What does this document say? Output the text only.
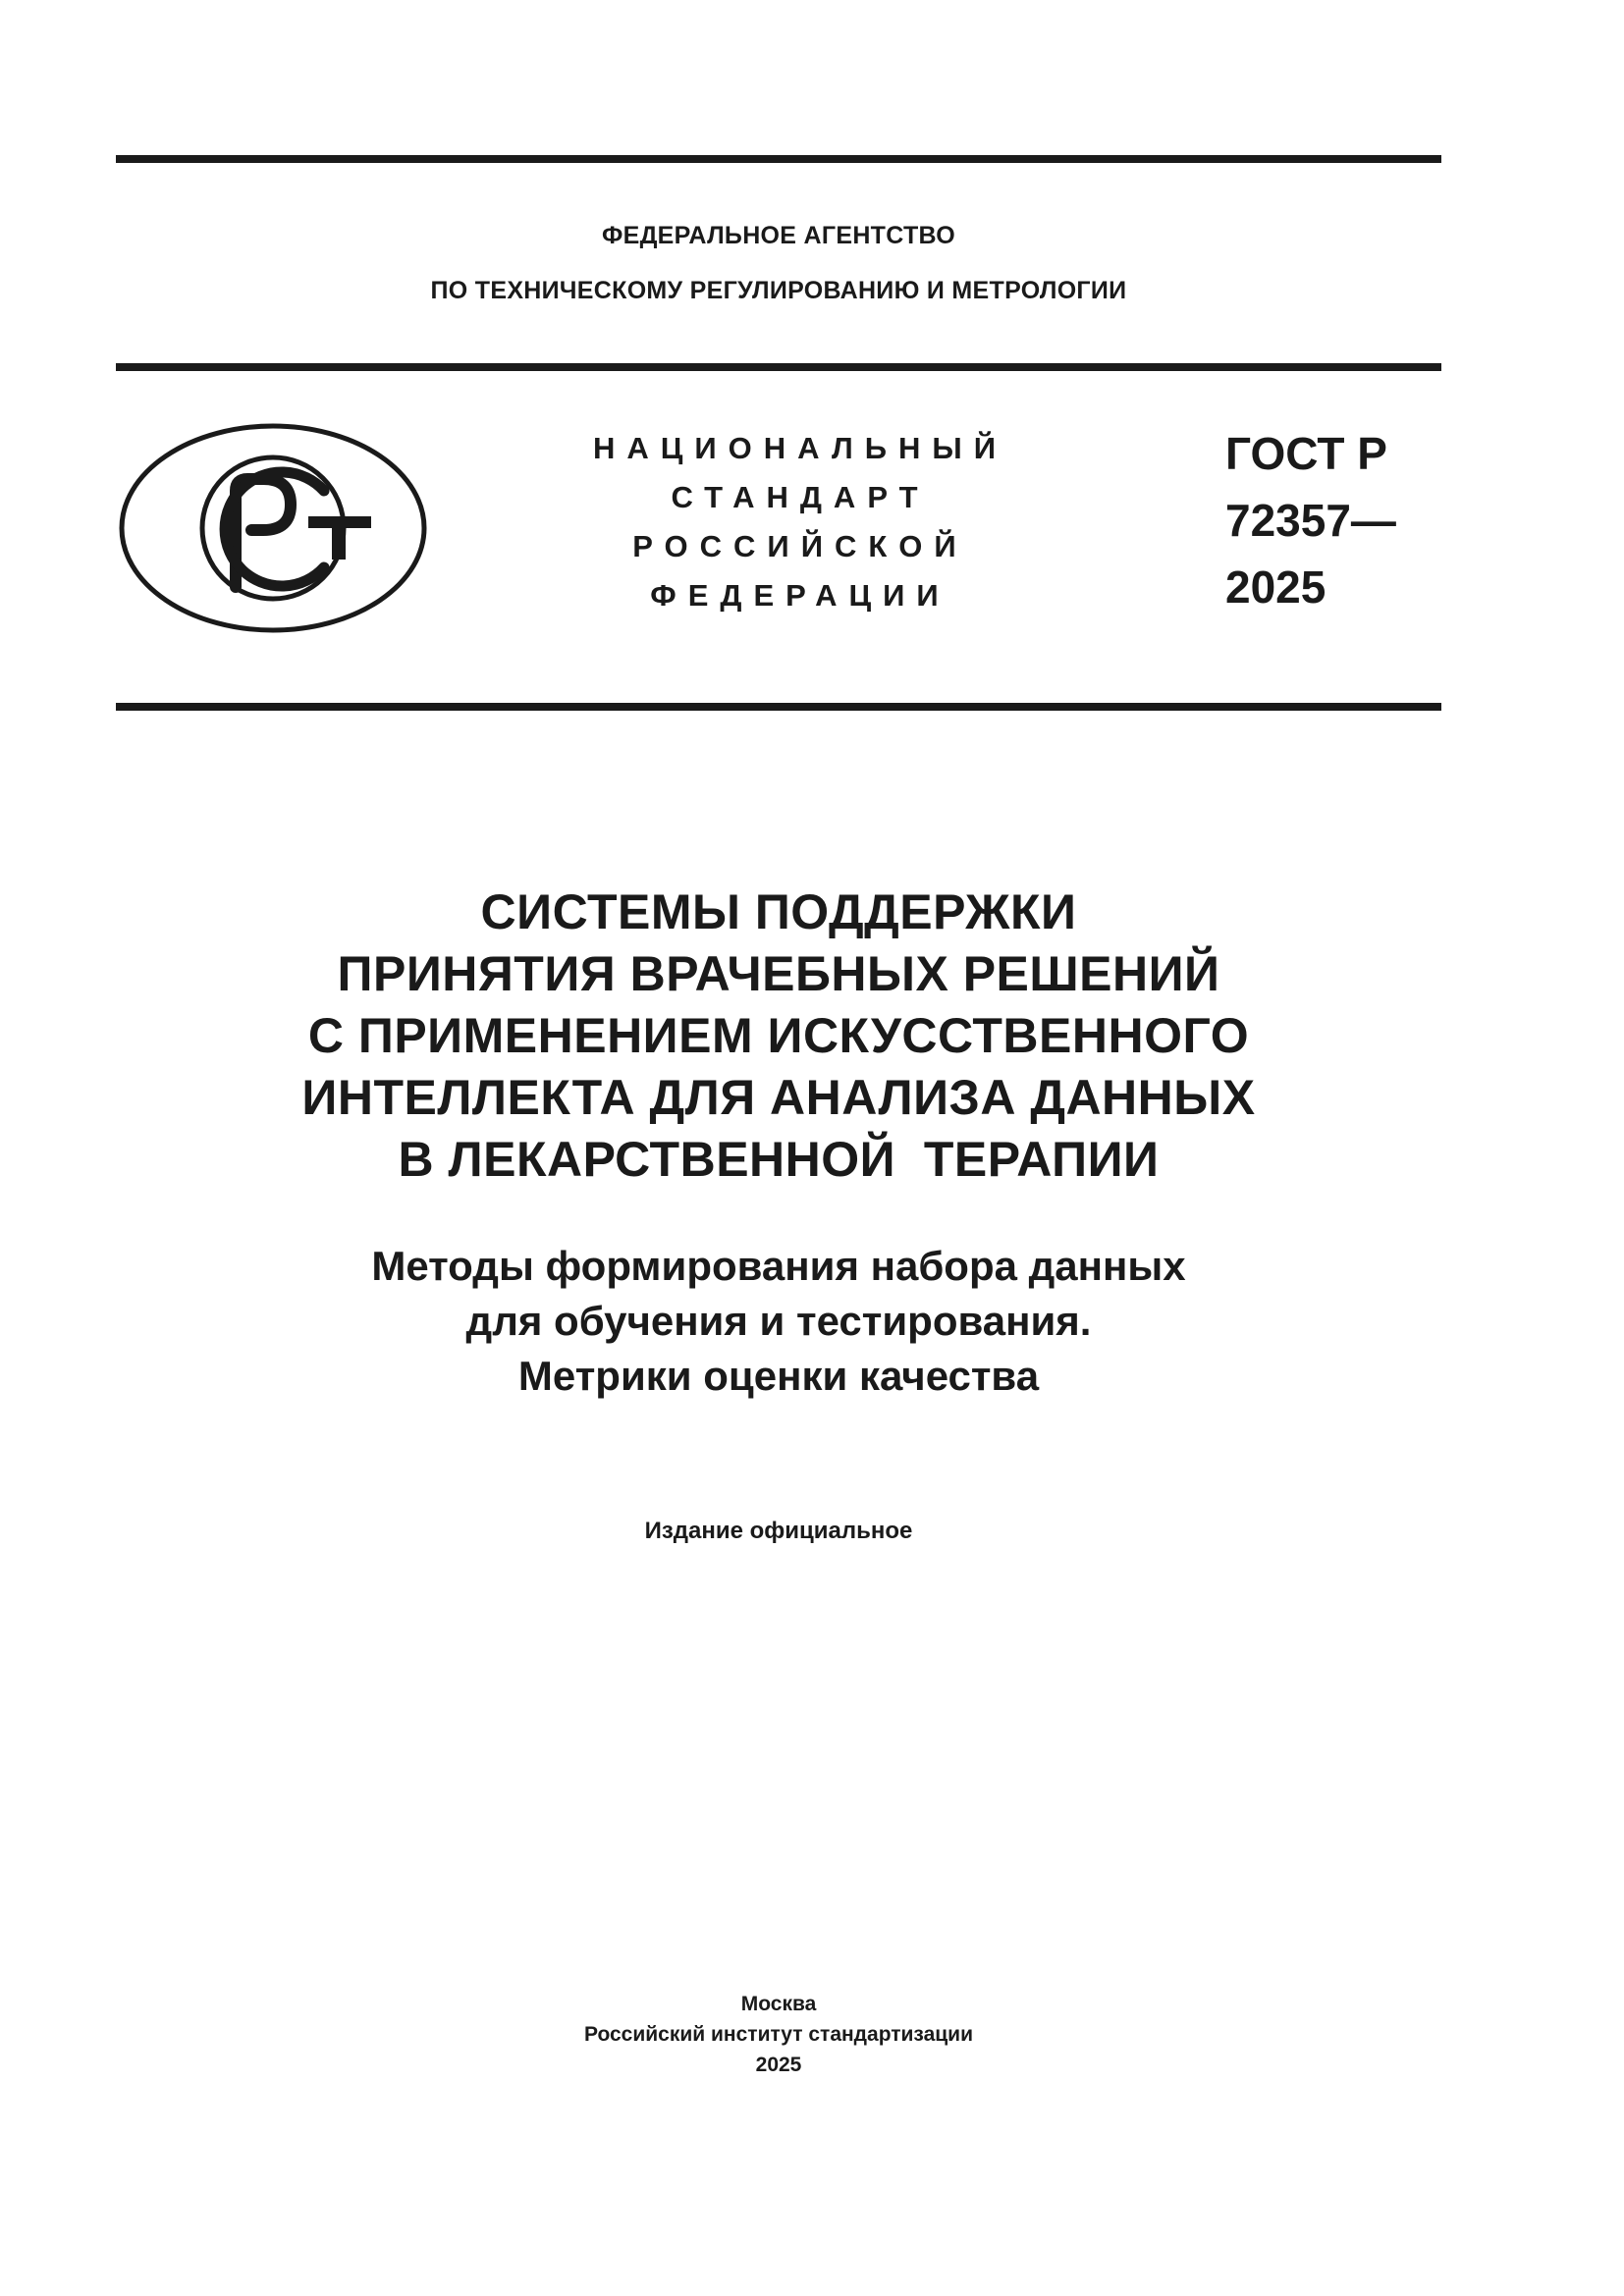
ФЕДЕРАЛЬНОЕ АГЕНТСТВО

ПО ТЕХНИЧЕСКОМУ РЕГУЛИРОВАНИЮ И МЕТРОЛОГИИ

НАЦИОНАЛЬНЫЙ
СТАНДАРТ
РОССИЙСКОЙ
ФЕДЕРАЦИИ
ГОСТ Р
72357—
2025
СИСТЕМЫ ПОДДЕРЖКИ
ПРИНЯТИЯ ВРАЧЕБНЫХ РЕШЕНИЙ
С ПРИМЕНЕНИЕМ ИСКУССТВЕННОГО
ИНТЕЛЛЕКТА ДЛЯ АНАЛИЗА ДАННЫХ
В ЛЕКАРСТВЕННОЙ  ТЕРАПИИ
Методы формирования набора данных
для обучения и тестирования.
Метрики оценки качества
Издание официальное
Москва
Российский институт стандартизации
2025
